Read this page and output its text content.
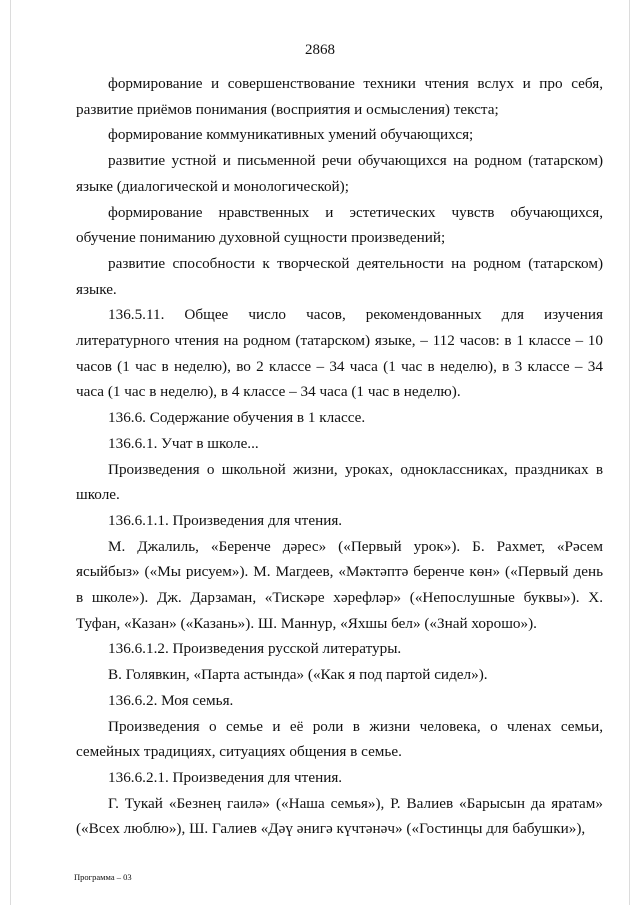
2868

формирование и совершенствование техники чтения вслух и про себя, развитие приёмов понимания (восприятия и осмысления) текста;

формирование коммуникативных умений обучающихся;

развитие устной и письменной речи обучающихся на родном (татарском) языке (диалогической и монологической);

формирование нравственных и эстетических чувств обучающихся, обучение пониманию духовной сущности произведений;

развитие способности к творческой деятельности на родном (татарском) языке.

136.5.11. Общее число часов, рекомендованных для изучения литературного чтения на родном (татарском) языке, – 112 часов: в 1 классе – 10 часов (1 час в неделю), во 2 классе – 34 часа (1 час в неделю), в 3 классе – 34 часа (1 час в неделю), в 4 классе – 34 часа (1 час в неделю).

136.6. Содержание обучения в 1 классе.

136.6.1. Учат в школе...

Произведения о школьной жизни, уроках, одноклассниках, праздниках в школе.

136.6.1.1. Произведения для чтения.

М. Джалиль, «Беренче дәрес» («Первый урок»). Б. Рахмет, «Рәсем ясыйбыз» («Мы рисуем»). М. Магдеев, «Мәктәптә беренче көн» («Первый день в школе»). Дж. Дарзаман, «Тискәре хәрефләр» («Непослушные буквы»). Х. Туфан, «Казан» («Казань»). Ш. Маннур, «Яхшы бел» («Знай хорошо»).

136.6.1.2. Произведения русской литературы.

В. Голявкин, «Парта астында» («Как я под партой сидел»).

136.6.2. Моя семья.

Произведения о семье и её роли в жизни человека, о членах семьи, семейных традициях, ситуациях общения в семье.

136.6.2.1. Произведения для чтения.

Г. Тукай «Безнең гаилә» («Наша семья»), Р. Валиев «Барысын да яратам» («Всех люблю»), Ш. Галиев «Дәү әнигә күчтәнәч» («Гостинцы для бабушки»),

Программа – 03
